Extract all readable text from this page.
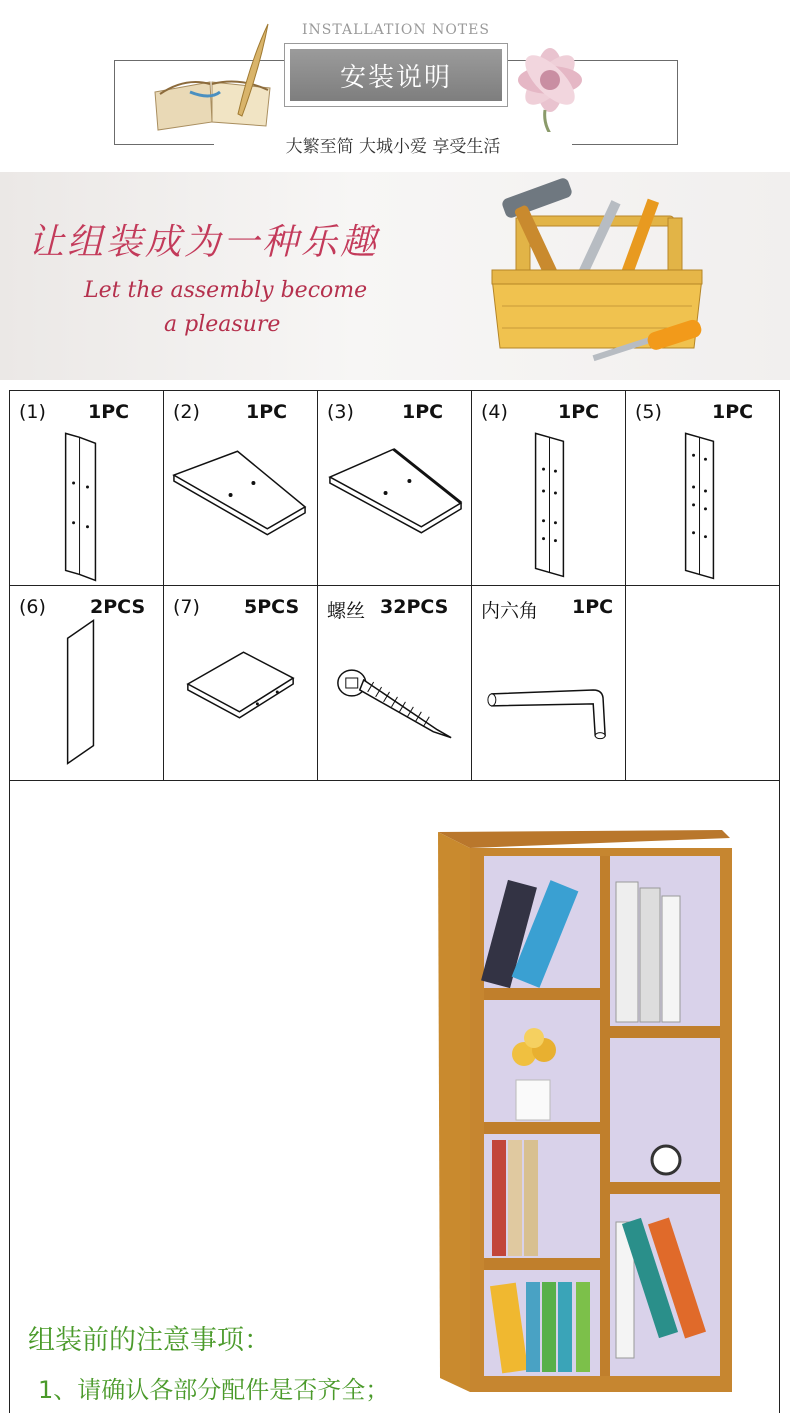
INSTALLATION NOTES
安装说明
大繁至简 大城小爱 享受生活
让组装成为一种乐趣
Let the assembly become
a pleasure
(1) 1PC	(2) 1PC	(3) 1PC	(4) 1PC	(5) 1PC

(6) 2PCS	(7) 5PCS	螺丝 32PCS	内六角 1PC	

组装前的注意事项：
1、请确认各部分配件是否齐全；
